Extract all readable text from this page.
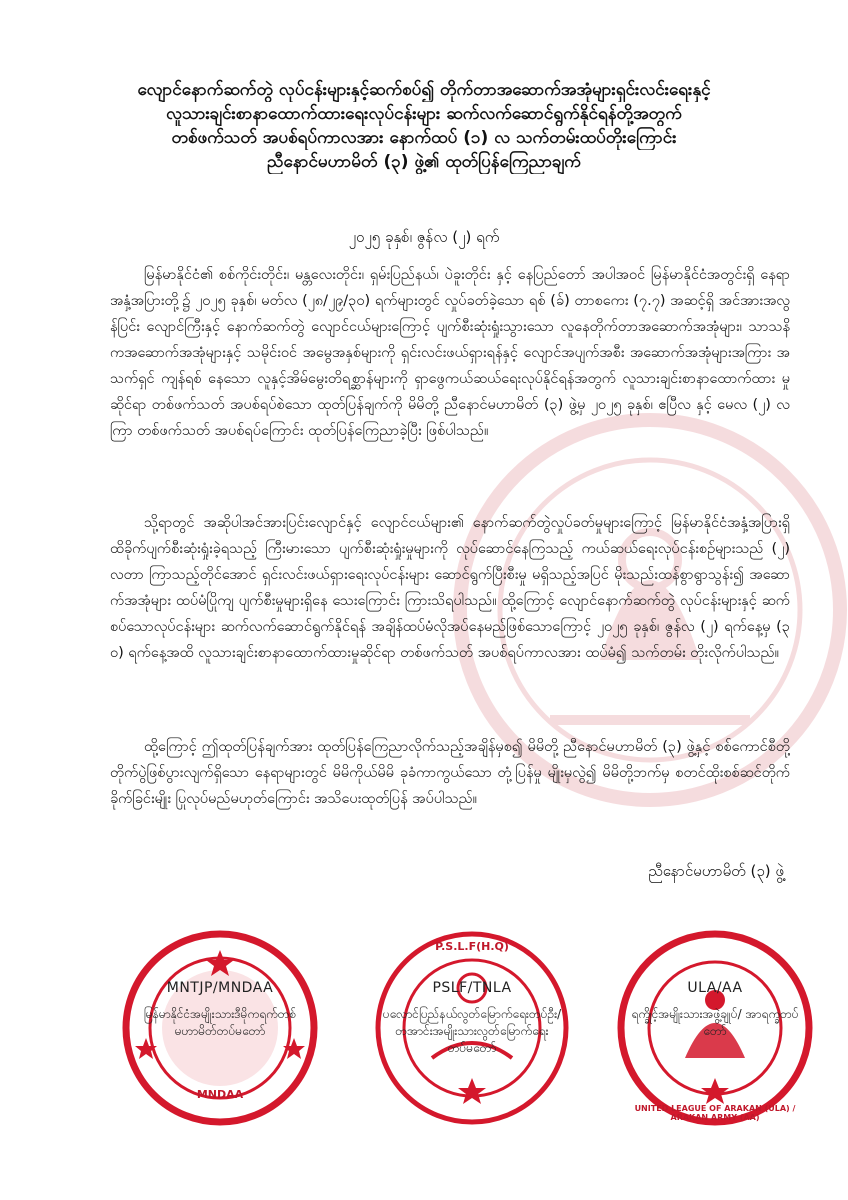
လျောင်နောက်ဆက်တွဲ လုပ်ငန်းများနှင့်ဆက်စပ်၍ တိုက်တာအဆောက်အအုံများရှင်းလင်းရေးနှင့်
လူသားချင်းစာနာထောက်ထားရေးလုပ်ငန်းများ ဆက်လက်ဆောင်ရွက်နိုင်ရန်တို့အတွက်
တစ်ဖက်သတ် အပစ်ရပ်ကာလအား နောက်ထပ် (၁) လ သက်တမ်းထပ်တိုးကြောင်း
ညီနောင်မဟာမိတ် (၃) ဖွဲ့၏ ထုတ်ပြန်ကြေညာချက်
၂၀၂၅ ခုနှစ်၊ ဇွန်လ (၂) ရက်
မြန်မာနိုင်ငံ၏ စစ်ကိုင်းတိုင်း၊ မန္တလေးတိုင်း၊ ရှမ်းပြည်နယ်၊ ပဲခူးတိုင်း နှင့် နေပြည်တော် အပါအဝင် မြန်မာနိုင်ငံအတွင်းရှိ နေရာအနှံ့အပြားတို့၌ ၂၀၂၅ ခုနှစ်၊ မတ်လ (၂၈/၂၉/၃၀) ရက်များတွင် လှုပ်ခတ်ခဲ့သော ရစ် (ခ်) တာစကေး (၇.၇) အဆင့်ရှိ အင်အားအလွန်ပြင်း လျောင်ကြီးနှင့် နောက်ဆက်တွဲ လျောင်ငယ်များကြောင့် ပျက်စီးဆုံးရှုံးသွားသော လူနေတိုက်တာအဆောက်အအုံများ၊ သာသနိကအဆောက်အအုံများနှင့် သမိုင်းဝင် အမွေအနှစ်များကို ရှင်းလင်းဖယ်ရှားရန်နှင့် လျောင်အပျက်အစီး အဆောက်အအုံများအကြား အသက်ရှင် ကျန်ရစ် နေသော လူနှင့်အိမ်မွေးတိရစ္ဆာန်များကို ရှာဖွေကယ်ဆယ်ရေးလုပ်နိုင်ရန်အတွက် လူသားချင်းစာနာထောက်ထား မှုဆိုင်ရာ တစ်ဖက်သတ် အပစ်ရပ်စဲသော ထုတ်ပြန်ချက်ကို မိမိတို့ ညီနောင်မဟာမိတ် (၃) ဖွဲ့မှ ၂၀၂၅ ခုနှစ်၊ ဧပြီလ နှင့် မေလ (၂) လကြာ တစ်ဖက်သတ် အပစ်ရပ်ကြောင်း ထုတ်ပြန်ကြေညာခဲ့ပြီး ဖြစ်ပါသည်။
သို့ရာတွင် အဆိုပါအင်အားပြင်းလျောင်နှင့် လျောင်ငယ်များ၏ နောက်ဆက်တွဲလှုပ်ခတ်မှုများကြောင့် မြန်မာနိုင်ငံအနှံ့အပြားရှိ ထိခိုက်ပျက်စီးဆုံးရှုံးခဲ့ရသည့် ကြီးမားသော ပျက်စီးဆုံးရှုံးမှုများကို လုပ်ဆောင်နေကြသည့် ကယ်ဆယ်ရေးလုပ်ငန်းစဉ်များသည် (၂) လတာ ကြာသည့်တိုင်အောင် ရှင်းလင်းဖယ်ရှားရေးလုပ်ငန်းများ ဆောင်ရွက်ပြီးစီးမှု မရှိသည့်အပြင် မိုးသည်းထန်စွာရွာသွန်း၍ အဆောက်အအုံများ ထပ်မံပြိုကျ ပျက်စီးမှုများရှိနေ သေးကြောင်း ကြားသိရပါသည်။ ထို့ကြောင့် လျောင်နောက်ဆက်တွဲ လုပ်ငန်းများနှင့် ဆက်စပ်သောလုပ်ငန်းများ ဆက်လက်ဆောင်ရွက်နိုင်ရန် အချိန်ထပ်မံလိုအပ်နေမည်ဖြစ်သောကြောင့် ၂၀၂၅ ခုနှစ်၊ ဇွန်လ (၂) ရက်နေ့မှ (၃၀) ရက်နေ့အထိ လူသားချင်းစာနာထောက်ထားမှုဆိုင်ရာ တစ်ဖက်သတ် အပစ်ရပ်ကာလအား ထပ်မံ၍ သက်တမ်း တိုးလိုက်ပါသည်။
ထို့ကြောင့် ဤထုတ်ပြန်ချက်အား ထုတ်ပြန်ကြေညာလိုက်သည့်အချိန်မှစ၍ မိမိတို့ ညီနောင်မဟာမိတ် (၃) ဖွဲ့နှင့် စစ်ကောင်စီတို့ တိုက်ပွဲဖြစ်ပွားလျက်ရှိသော နေရာများတွင် မိမိကိုယ်မိမိ ခုခံကာကွယ်သော တုံ့ပြန်မှု မျိုးမှလွဲ၍ မိမိတို့ဘက်မှ စတင်ထိုးစစ်ဆင်တိုက်ခိုက်ခြင်းမျိုး ပြုလုပ်မည်မဟုတ်ကြောင်း အသိပေးထုတ်ပြန် အပ်ပါသည်။
ညီနောင်မဟာမိတ် (၃) ဖွဲ့
MNTJP/MNDAA
မြန်မာနိုင်ငံအမျိုးသားဒီမိုကရက်တစ်မဟာမိတ်တပ်မတော်
MNDAA
P.S.L.F(H.Q)
PSLF/TNLA
ပလောင်ပြည်နယ်လွတ်မြောက်ရေးတပ်ဦး/ တအာင်းအမျိုးသားလွတ်မြောက်ရေး တပ်မတော်
ULA/AA
ရက္ခိုင့်အမျိုးသားအဖွဲ့ချုပ်/ အာရက္ခတပ်တော်
UNITED LEAGUE OF ARAKAN (ULA) / ARAKAN ARMY (AA)
